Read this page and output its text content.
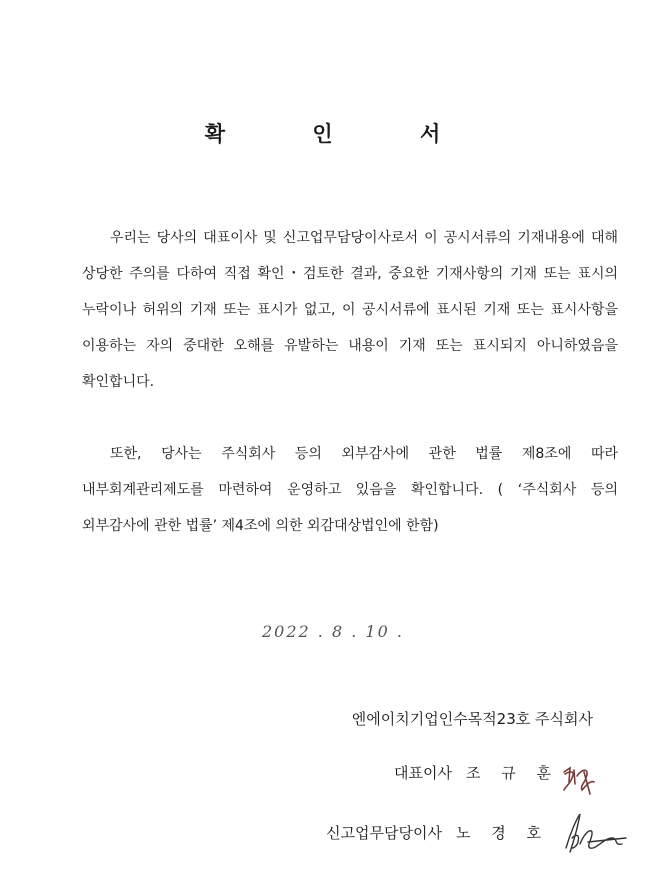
확 인 서

우리는 당사의 대표이사 및 신고업무담당이사로서 이 공시서류의 기재내용에 대해 상당한 주의를 다하여 직접 확인・검토한 결과, 중요한 기재사항의 기재 또는 표시의 누락이나 허위의 기재 또는 표시가 없고, 이 공시서류에 표시된 기재 또는 표시사항을 이용하는 자의 중대한 오해를 유발하는 내용이 기재 또는 표시되지 아니하였음을 확인합니다.

또한, 당사는 주식회사 등의 외부감사에 관한 법률 제8조에 따라 내부회계관리제도를 마련하여 운영하고 있음을 확인합니다. ( ‘주식회사 등의 외부감사에 관한 법률’ 제4조에 의한 외감대상법인에 한함)

2022 . 8 . 10 .
엔에이치기업인수목적23호 주식회사
대표이사 조 규 훈
신고업무담당이사 노 경 호
